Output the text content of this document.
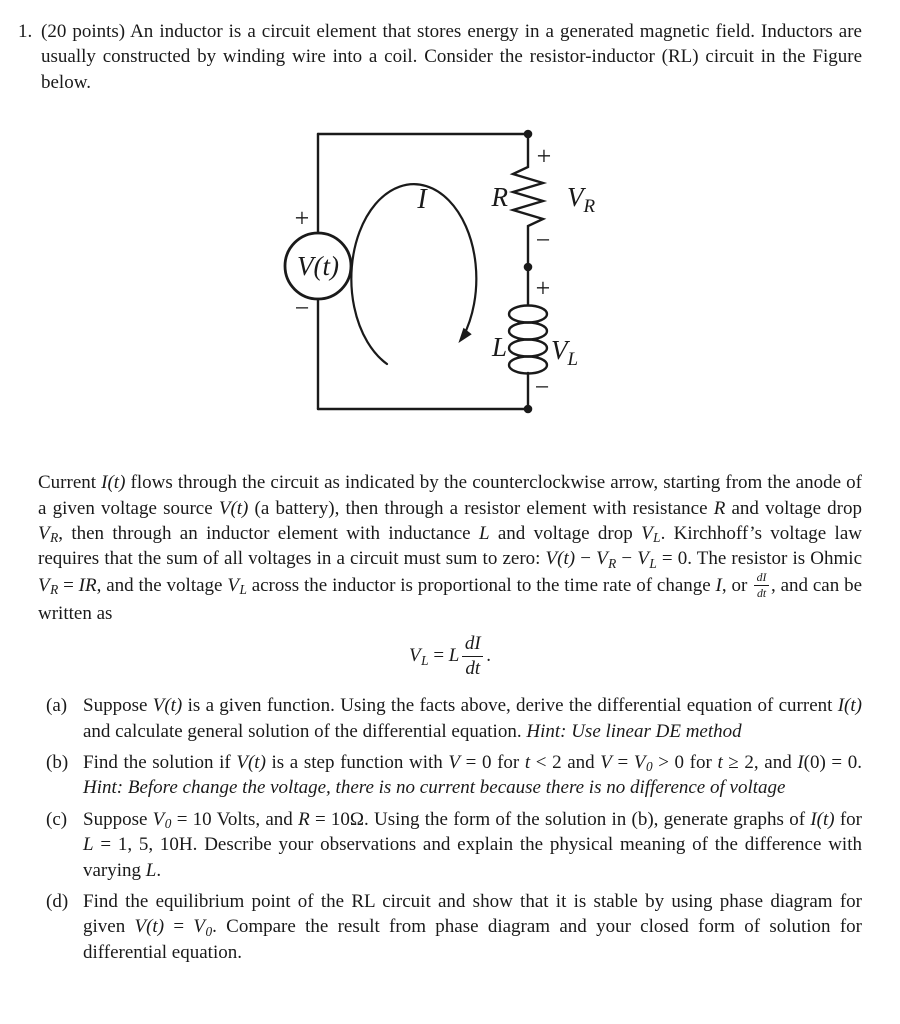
1. (20 points) An inductor is a circuit element that stores energy in a generated magnetic field. Inductors are usually constructed by winding wire into a coil. Consider the resistor-inductor (RL) circuit in the Figure below.
+
V(t)
−
I
+
R $V_R$
−
+
L $V_L$
−

Current I(t) flows through the circuit as indicated by the counterclockwise arrow, starting from the anode of a given voltage source V(t) (a battery), then through a resistor element with resistance R and voltage drop $V_R$, then through an inductor element with inductance L and voltage drop $V_L$. Kirchhoff’s voltage law requires that the sum of all voltages in a circuit must sum to zero: $V(t) - V_R - V_L = 0$. The resistor is Ohmic $V_R$ = IR, and the voltage $V_L$ across the inductor is proportional to the time rate of change I, or $\frac{dI}{dt}$ , and can be written as

$V_L = L \frac{dI}{dt}$ .
(a) Suppose V(t) is a given function. Using the facts above, derive the differential equation of current I(t) and calculate general solution of the differential equation. Hint: Use linear DE method
(b) Find the solution if V(t) is a step function with V = 0 for t < 2 and $V = V_0 > 0$ for t ≥ 2, and I(0) = 0. Hint: Before change the voltage, there is no current because there is no difference of voltage
(c) Suppose $V_0 = 10$ Volts, and R = 10Ω. Using the form of the solution in (b), generate graphs of I(t) for L = 1, 5, 10H. Describe your observations and explain the physical meaning of the difference with varying L.
(d) Find the equilibrium point of the RL circuit and show that it is stable by using phase diagram for given $V(t) = V_0$. Compare the result from phase diagram and your closed form of solution for differential equation.
